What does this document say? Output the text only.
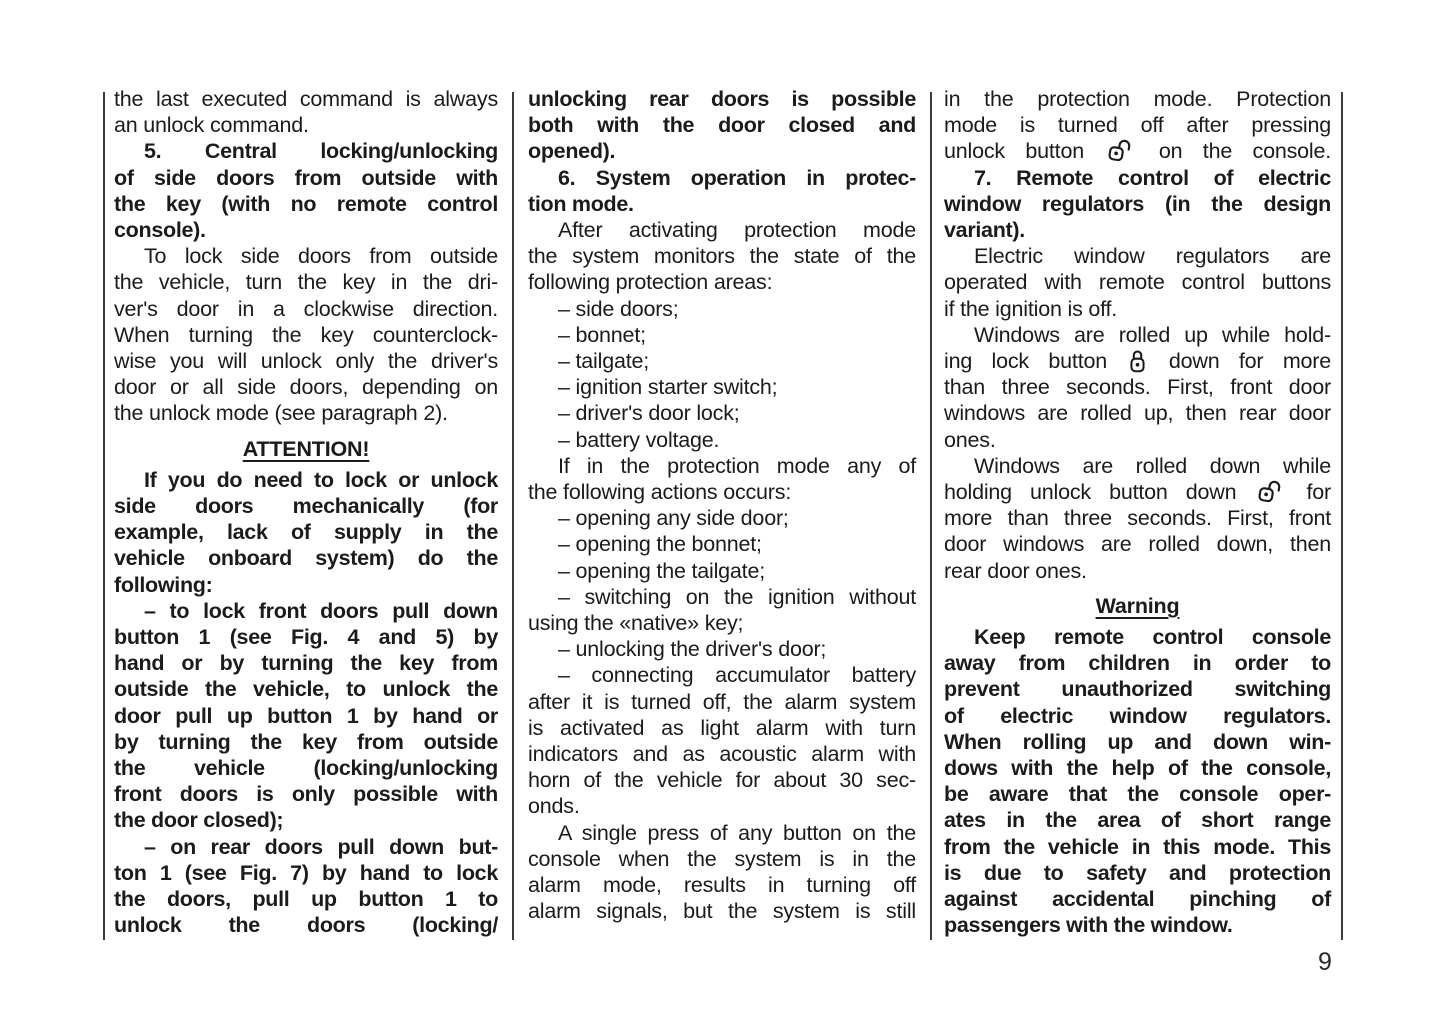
the last executed command is always
an unlock command.
5. Central locking/unlocking
of side doors from outside with
the key (with no remote control
console).
To lock side doors from outside
the vehicle, turn the key in the dri-
ver's door in a clockwise direction.
When turning the key counterclock-
wise you will unlock only the driver's
door or all side doors, depending on
the unlock mode (see paragraph 2).
ATTENTION!
If you do need to lock or unlock
side doors mechanically (for
example, lack of supply in the
vehicle onboard system) do the
following:
– to lock front doors pull down
button 1 (see Fig. 4 and 5) by
hand or by turning the key from
outside the vehicle, to unlock the
door pull up button 1 by hand or
by turning the key from outside
the vehicle (locking/unlocking
front doors is only possible with
the door closed);
– on rear doors pull down but-
ton 1 (see Fig. 7) by hand to lock
the doors, pull up button 1 to
unlock the doors (locking/
unlocking rear doors is possible
both with the door closed and
opened).
6. System operation in protec-
tion mode.
After activating protection mode
the system monitors the state of the
following protection areas:
– side doors;
– bonnet;
– tailgate;
– ignition starter switch;
– driver's door lock;
– battery voltage.
If in the protection mode any of
the following actions occurs:
– opening any side door;
– opening the bonnet;
– opening the tailgate;
– switching on the ignition without
using the «native» key;
– unlocking the driver's door;
– connecting accumulator battery
after it is turned off, the alarm system
is activated as light alarm with turn
indicators and as acoustic alarm with
horn of the vehicle for about 30 sec-
onds.
A single press of any button on the
console when the system is in the
alarm mode, results in turning off
alarm signals, but the system is still
in the protection mode. Protection
mode is turned off after pressing
unlock button  on the console.
7. Remote control of electric
window regulators (in the design
variant).
Electric window regulators are
operated with remote control buttons
if the ignition is off.
Windows are rolled up while hold-
ing lock button  down for more
than three seconds. First, front door
windows are rolled up, then rear door
ones.
Windows are rolled down while
holding unlock button down  for
more than three seconds. First, front
door windows are rolled down, then
rear door ones.
Warning
Keep remote control console
away from children in order to
prevent unauthorized switching
of electric window regulators.
When rolling up and down win-
dows with the help of the console,
be aware that the console oper-
ates in the area of short range
from the vehicle in this mode. This
is due to safety and protection
against accidental pinching of
passengers with the window.
9
